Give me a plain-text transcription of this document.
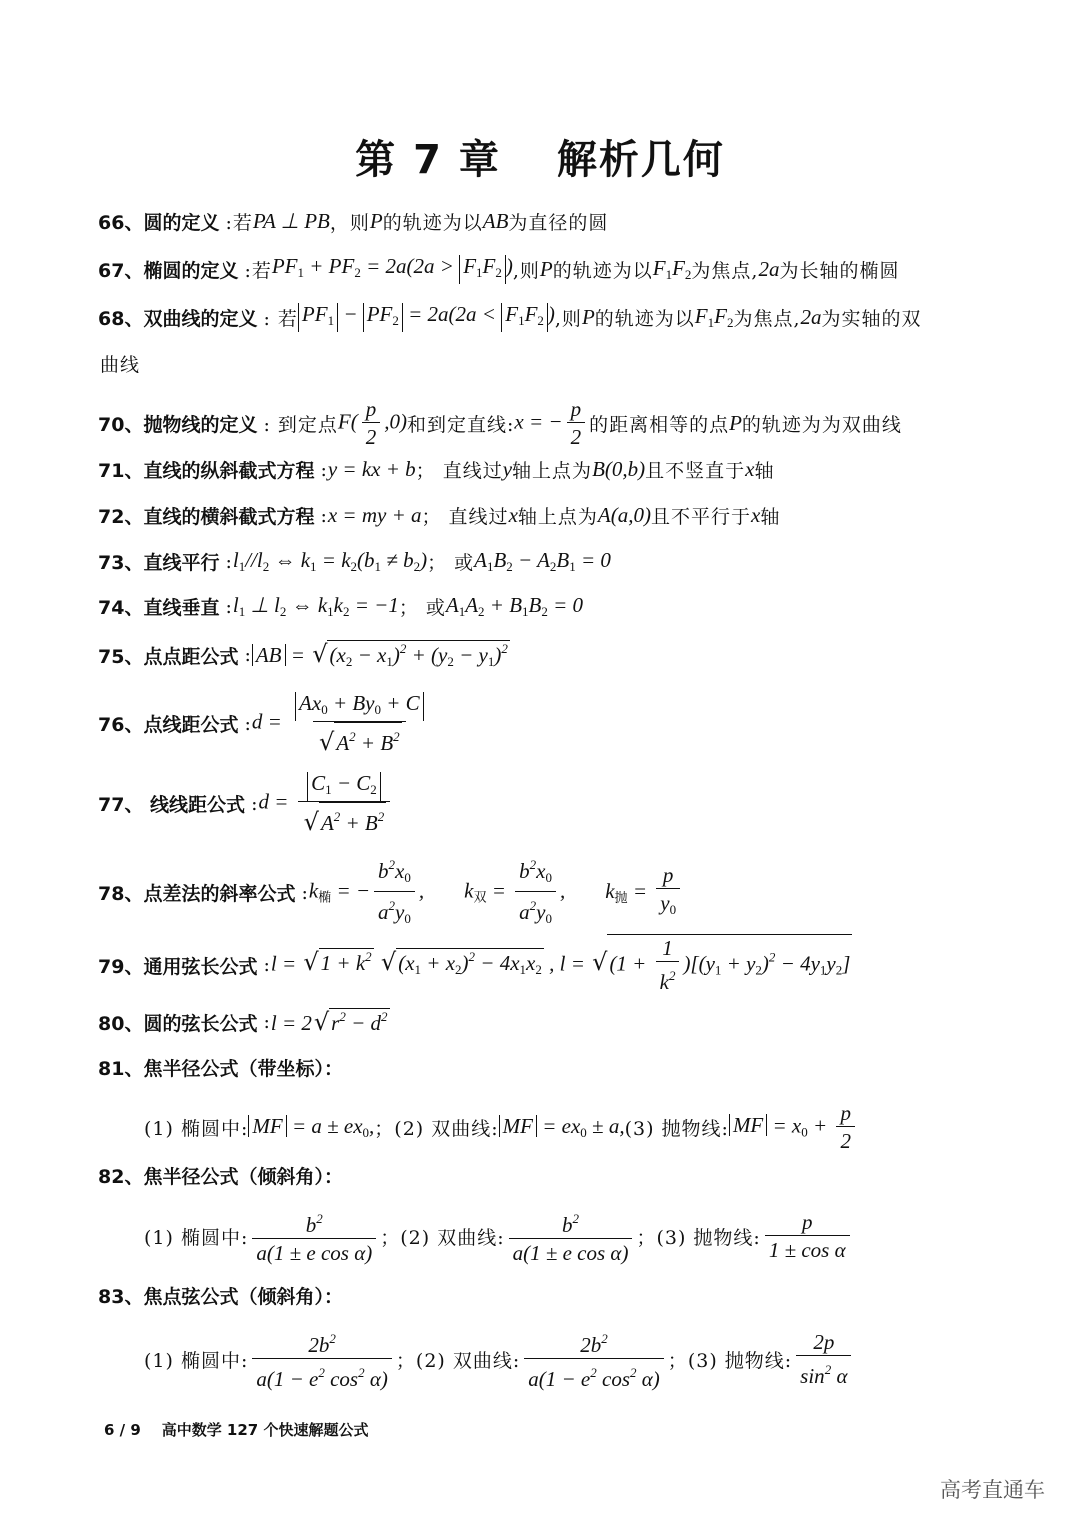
第 7 章 解析几何
66、圆的定义 :若 PA ⊥ PB ，则 P 的轨迹为以 AB 为直径的圆
67、椭圆的定义 :若 $PF_1 + PF_2 = 2a(2a > F_1F_2$ ) ,则 P 的轨迹为以 $F_1F_2$ 为焦点, 2a 为长轴的椭圆
68、双曲线的定义 : 若 $PF_1 - PF_2 = 2a(2a < F_1F_2$ ) ,则 P 的轨迹为以 $F_1F_2$ 为焦点, 2a 为实轴的双
曲线
70、抛物线的定义 : 到定点 $F( \frac{p}{2} ,0)$ 和到定直线: x = − $\frac{p}{2}$ 的距离相等的点 P 的轨迹为为双曲线
71、直线的纵斜截式方程 : y = kx + b ； 直线过 y 轴上点为 B(0,b) 且不竖直于 x 轴
72、直线的横斜截式方程 : x = my + a ； 直线过 x 轴上点为 A(a,0) 且不平行于 x 轴
73、直线平行 : $l_1//l_2$ ⇔ $k_1 = k_2(b_1 \ne b_2)$ ； 或 $A_1B_2 - A_2B_1 = 0$
74、直线垂直 : $l_1$ ⊥ $l_2$ ⇔ $k_1k_2 = -1$ ； 或 $A_1A_2 + B_1B_2 = 0$
75、点点距公式 : AB = $√(x_2 - x_1)^2 + (y_2 - y_1)^2$
76、点线距公式 : $d = \frac{Ax_0 + By_0 + C}{√A^2 + B^2}$
77、 线线距公式 : $d = \frac{C_1 - C_2}{√A^2 + B^2}$
78、点差法的斜率公式 : $k_椭$ = − $\frac{b^2x_0}{a^2y_0}$ , $k_双 = \frac{b^2x_0}{a^2y_0}$ , $k_抛 = \frac{p}{y_0}$
79、通用弦长公式 : $l = √1 + k^2$ $√(x_1 + x_2)^2 - 4x_1x_2$ , $l = √(1 + \frac{1}{k^2} )[(y_1 + y_2)^2 - 4y_1y_2]$
80、圆的弦长公式 : $l = 2√r^2 - d^2$
81、焦半径公式（带坐标）：
(1) 椭圆中: MF = $a \pm ex_0$, ； (2) 双曲线: MF = $ex_0 \pm a$, (3) 抛物线: MF = $x_0 + \frac{p}{2}$
82、焦半径公式（倾斜角）：
(1) 椭圆中: $\frac{b^2}{\text{a(1 ± e cos α)}}$ ； (2) 双曲线: $\frac{b^2}{\text{a(1 ± e cos α)}}$ ； (3) 抛物线: $\frac{p}{\text{1 ± cos α}}$
83、焦点弦公式（倾斜角）：
(1) 椭圆中: $\frac{2b^2}{a(1 - e^2 \cos^2 \alpha)}$ ； (2) 双曲线: $\frac{2b^2}{a(1 - e^2 \cos^2 \alpha)}$ ； (3) 抛物线: $\frac{2p}{\sin^2 \alpha}$
6 / 9 高中数学 127 个快速解题公式
高考直通车
